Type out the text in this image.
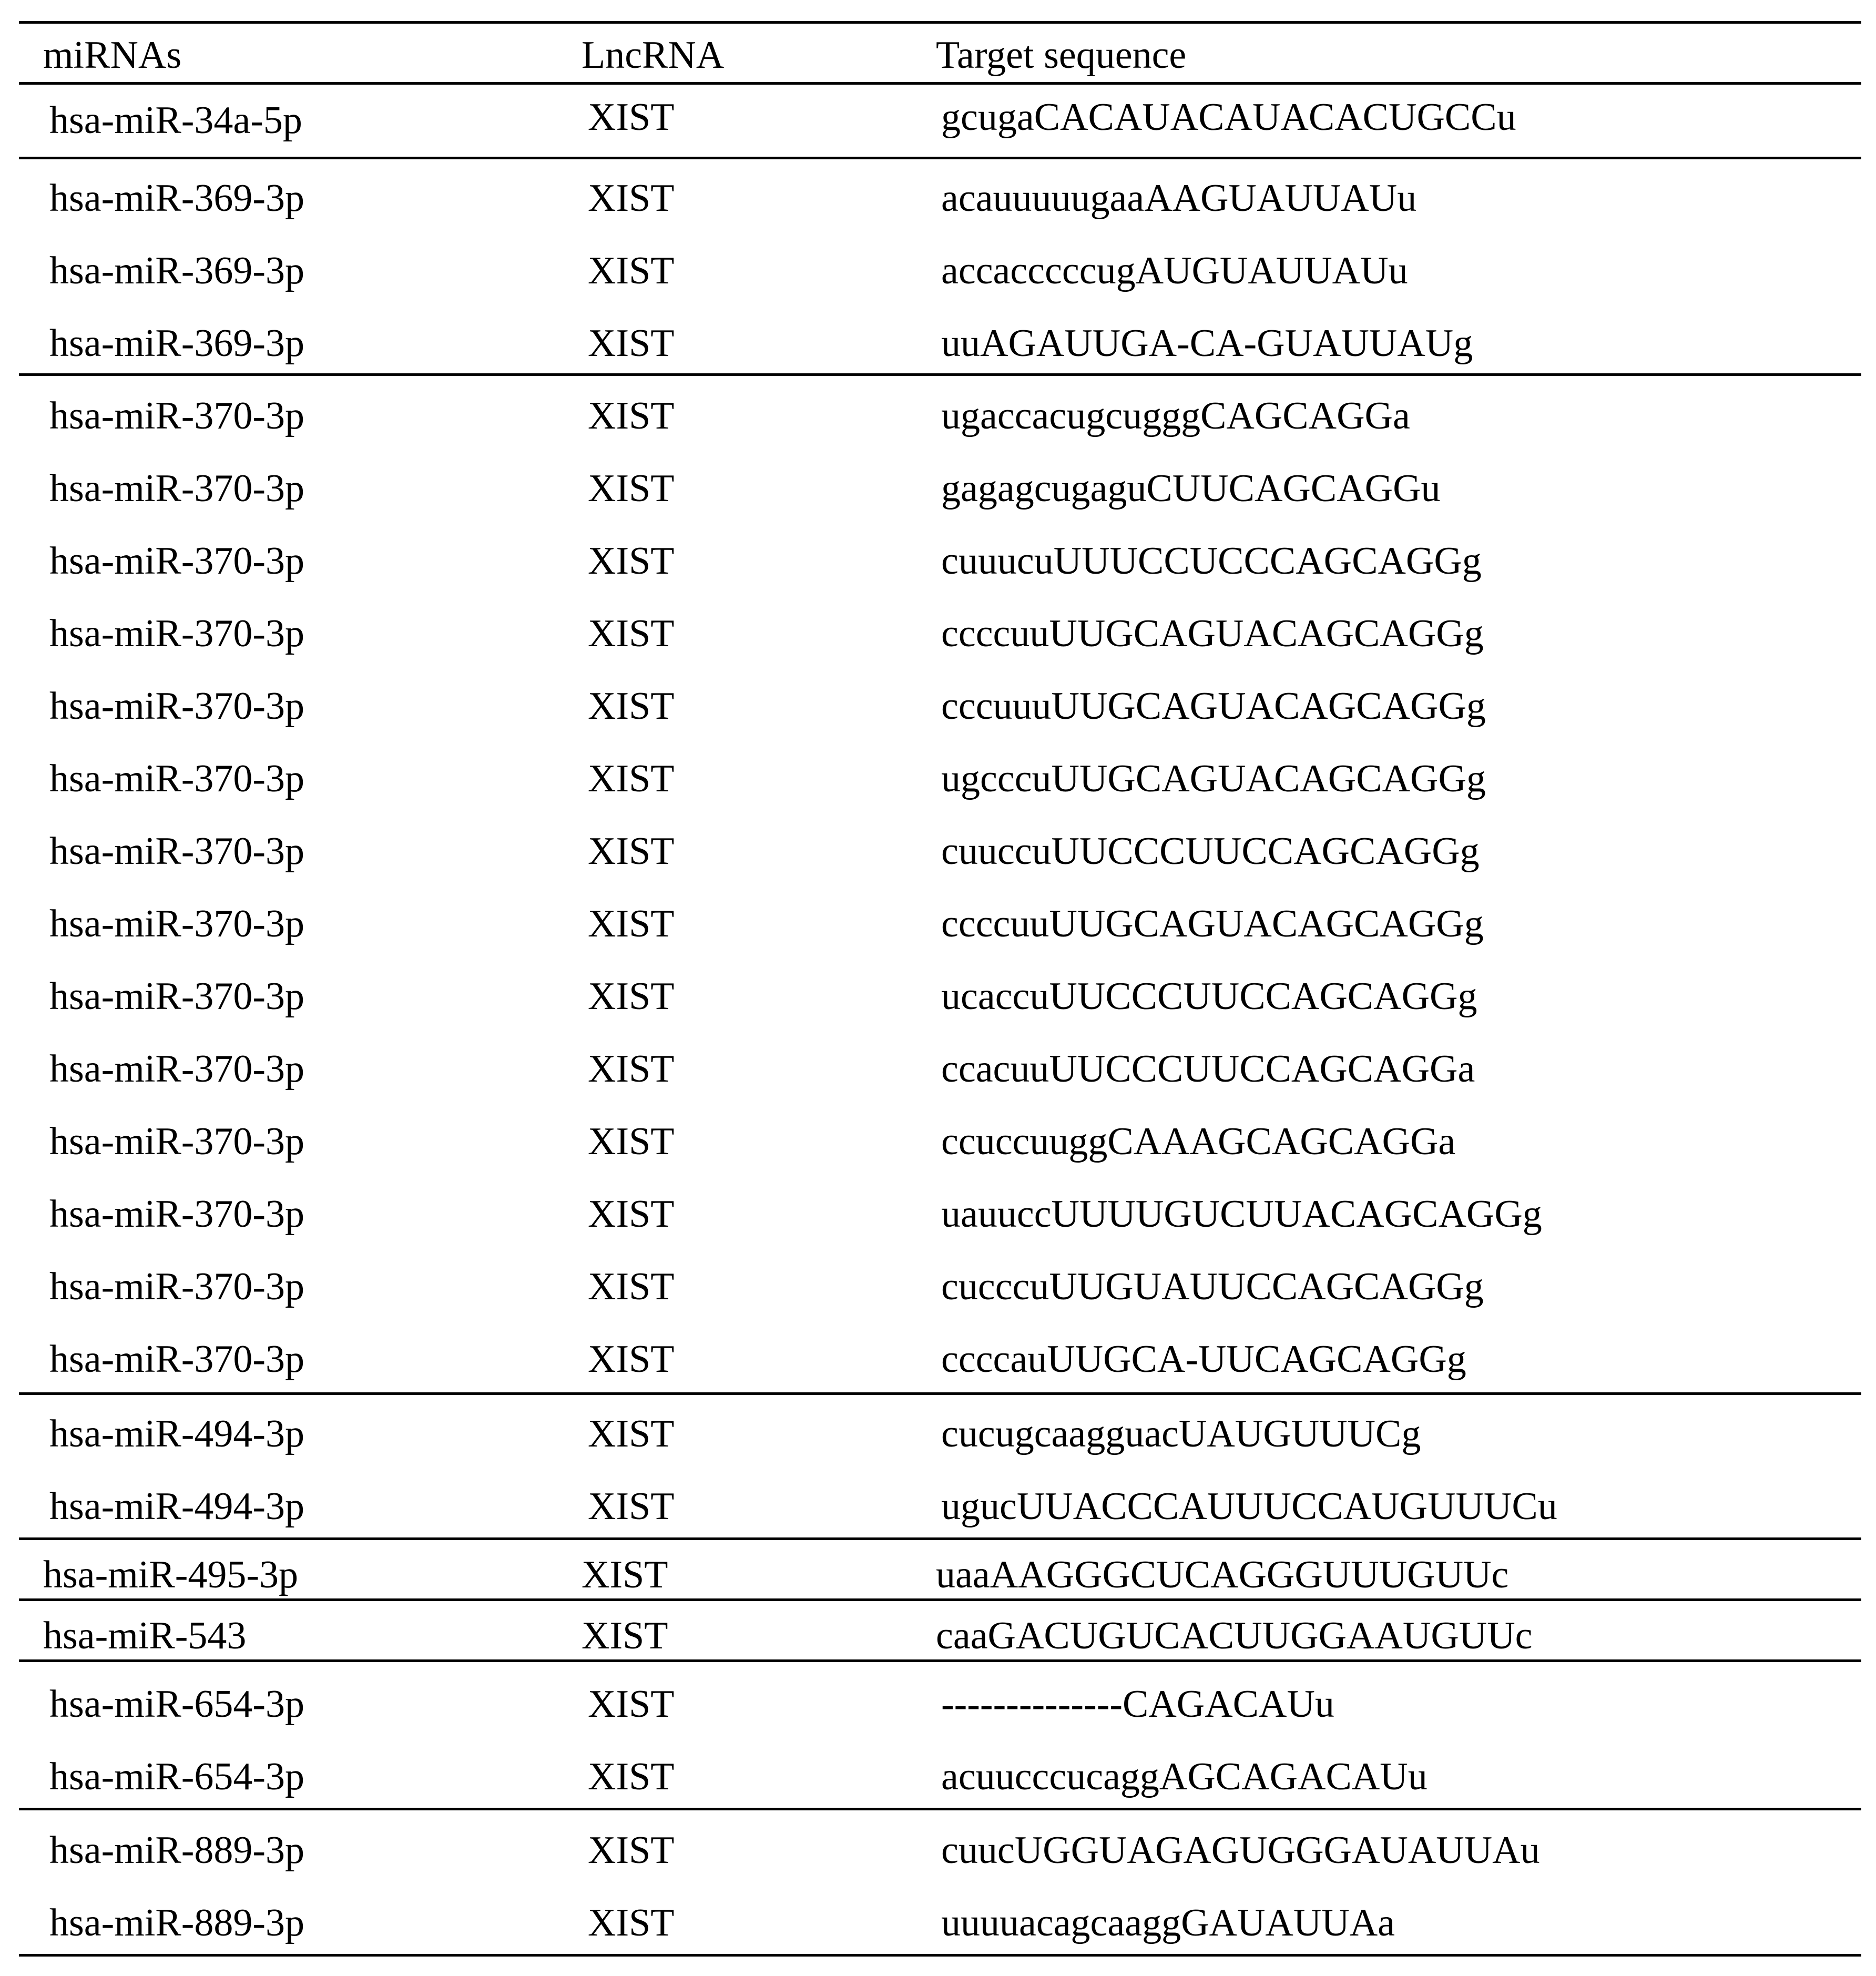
miRNAs	LncRNA	Target sequence
hsa-miR-34a-5p	XIST	gcugaCACAUACAUACACUGCCu
hsa-miR-369-3p	XIST	acauuuuugaaAAGUAUUAUu
hsa-miR-369-3p	XIST	accacccccugAUGUAUUAUu
hsa-miR-369-3p	XIST	uuAGAUUGA-CA-GUAUUAUg
hsa-miR-370-3p	XIST	ugaccacugcugggCAGCAGGa
hsa-miR-370-3p	XIST	gagagcugaguCUUCAGCAGGu
hsa-miR-370-3p	XIST	cuuucuUUUCCUCCCAGCAGGg
hsa-miR-370-3p	XIST	ccccuuUUGCAGUACAGCAGGg
hsa-miR-370-3p	XIST	cccuuuUUGCAGUACAGCAGGg
hsa-miR-370-3p	XIST	ugcccuUUGCAGUACAGCAGGg
hsa-miR-370-3p	XIST	cuuccuUUCCCUUCCAGCAGGg
hsa-miR-370-3p	XIST	ccccuuUUGCAGUACAGCAGGg
hsa-miR-370-3p	XIST	ucaccuUUCCCUUCCAGCAGGg
hsa-miR-370-3p	XIST	ccacuuUUCCCUUCCAGCAGGa
hsa-miR-370-3p	XIST	ccuccuuggCAAAGCAGCAGGa
hsa-miR-370-3p	XIST	uauuccUUUUGUCUUACAGCAGGg
hsa-miR-370-3p	XIST	cucccuUUGUAUUCCAGCAGGg
hsa-miR-370-3p	XIST	ccccauUUGCA-UUCAGCAGGg
hsa-miR-494-3p	XIST	cucugcaagguacUAUGUUUCg
hsa-miR-494-3p	XIST	ugucUUACCCAUUUCCAUGUUUCu
hsa-miR-495-3p	XIST	uaaAAGGGCUCAGGGUUUGUUc
hsa-miR-543	XIST	caaGACUGUCACUUGGAAUGUUc
hsa-miR-654-3p	XIST	--------------CAGACAUu
hsa-miR-654-3p	XIST	acuucccucaggAGCAGACAUu
hsa-miR-889-3p	XIST	cuucUGGUAGAGUGGGAUAUUAu
hsa-miR-889-3p	XIST	uuuuacagcaaggGAUAUUAa
